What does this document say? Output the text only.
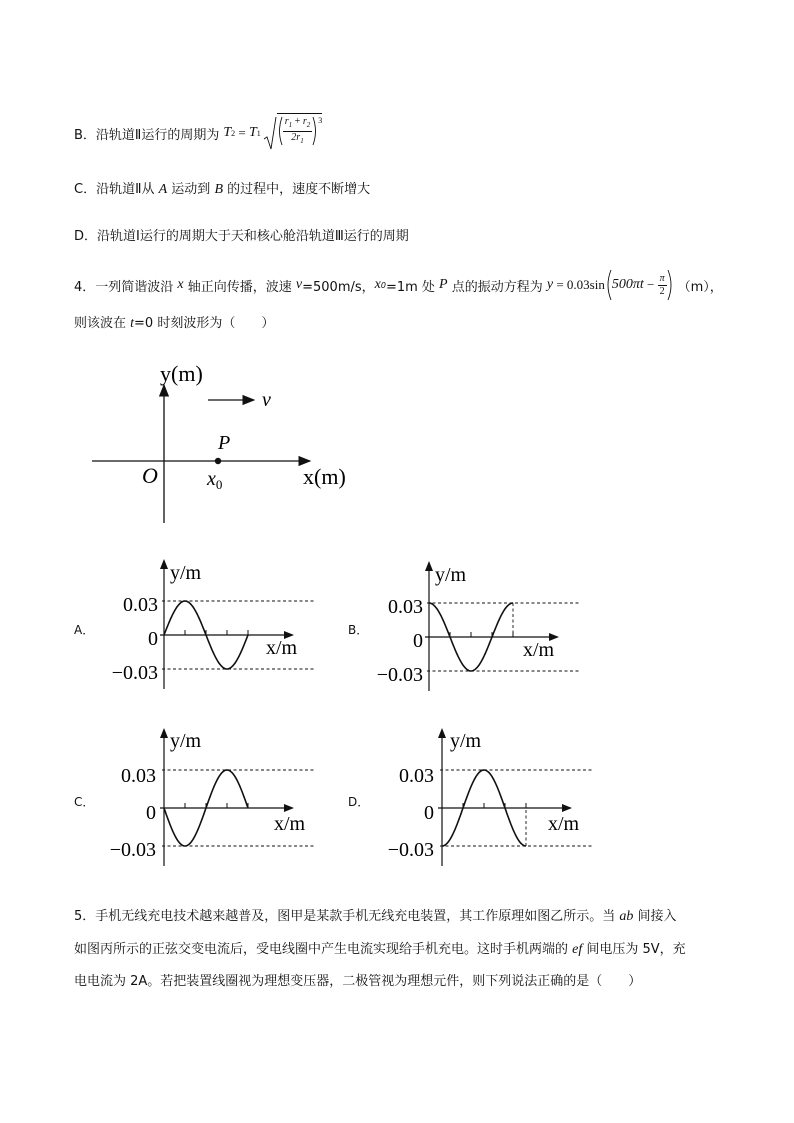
B．沿轨道Ⅱ运行的周期为 T 2 = T $1 \frac{r_1 + r_2}{2r_1} ^3$
C．沿轨道Ⅱ从 A 运动到 B 的过程中，速度不断增大
D．沿轨道Ⅰ运行的周期大于天和核心舱沿轨道Ⅲ运行的周期
4．一列简谐波沿 x 轴正向传播，波速 v =500m/s， x 0 =1m 处 P 点的振动方程为 y = 0.03sin $500\pi t - \frac{\pi}{2} (m)$，
则该波在 t=0 时刻波形为（　　）
y(m)
x(m)
O
v
P
$x_0$
A．
y/m
x/m
0.03
0
−0.03
B．
y/m
x/m
0.03
0
−0.03
C．
y/m
x/m
0.03
0
−0.03
D．
y/m
x/m
0.03
0
−0.03
5．手机无线充电技术越来越普及，图甲是某款手机无线充电装置，其工作原理如图乙所示。当 ab 间接入
如图丙所示的正弦交变电流后，受电线圈中产生电流实现给手机充电。这时手机两端的 ef 间电压为 5V，充
电电流为 2A。若把装置线圈视为理想变压器，二极管视为理想元件，则下列说法正确的是（　　）
